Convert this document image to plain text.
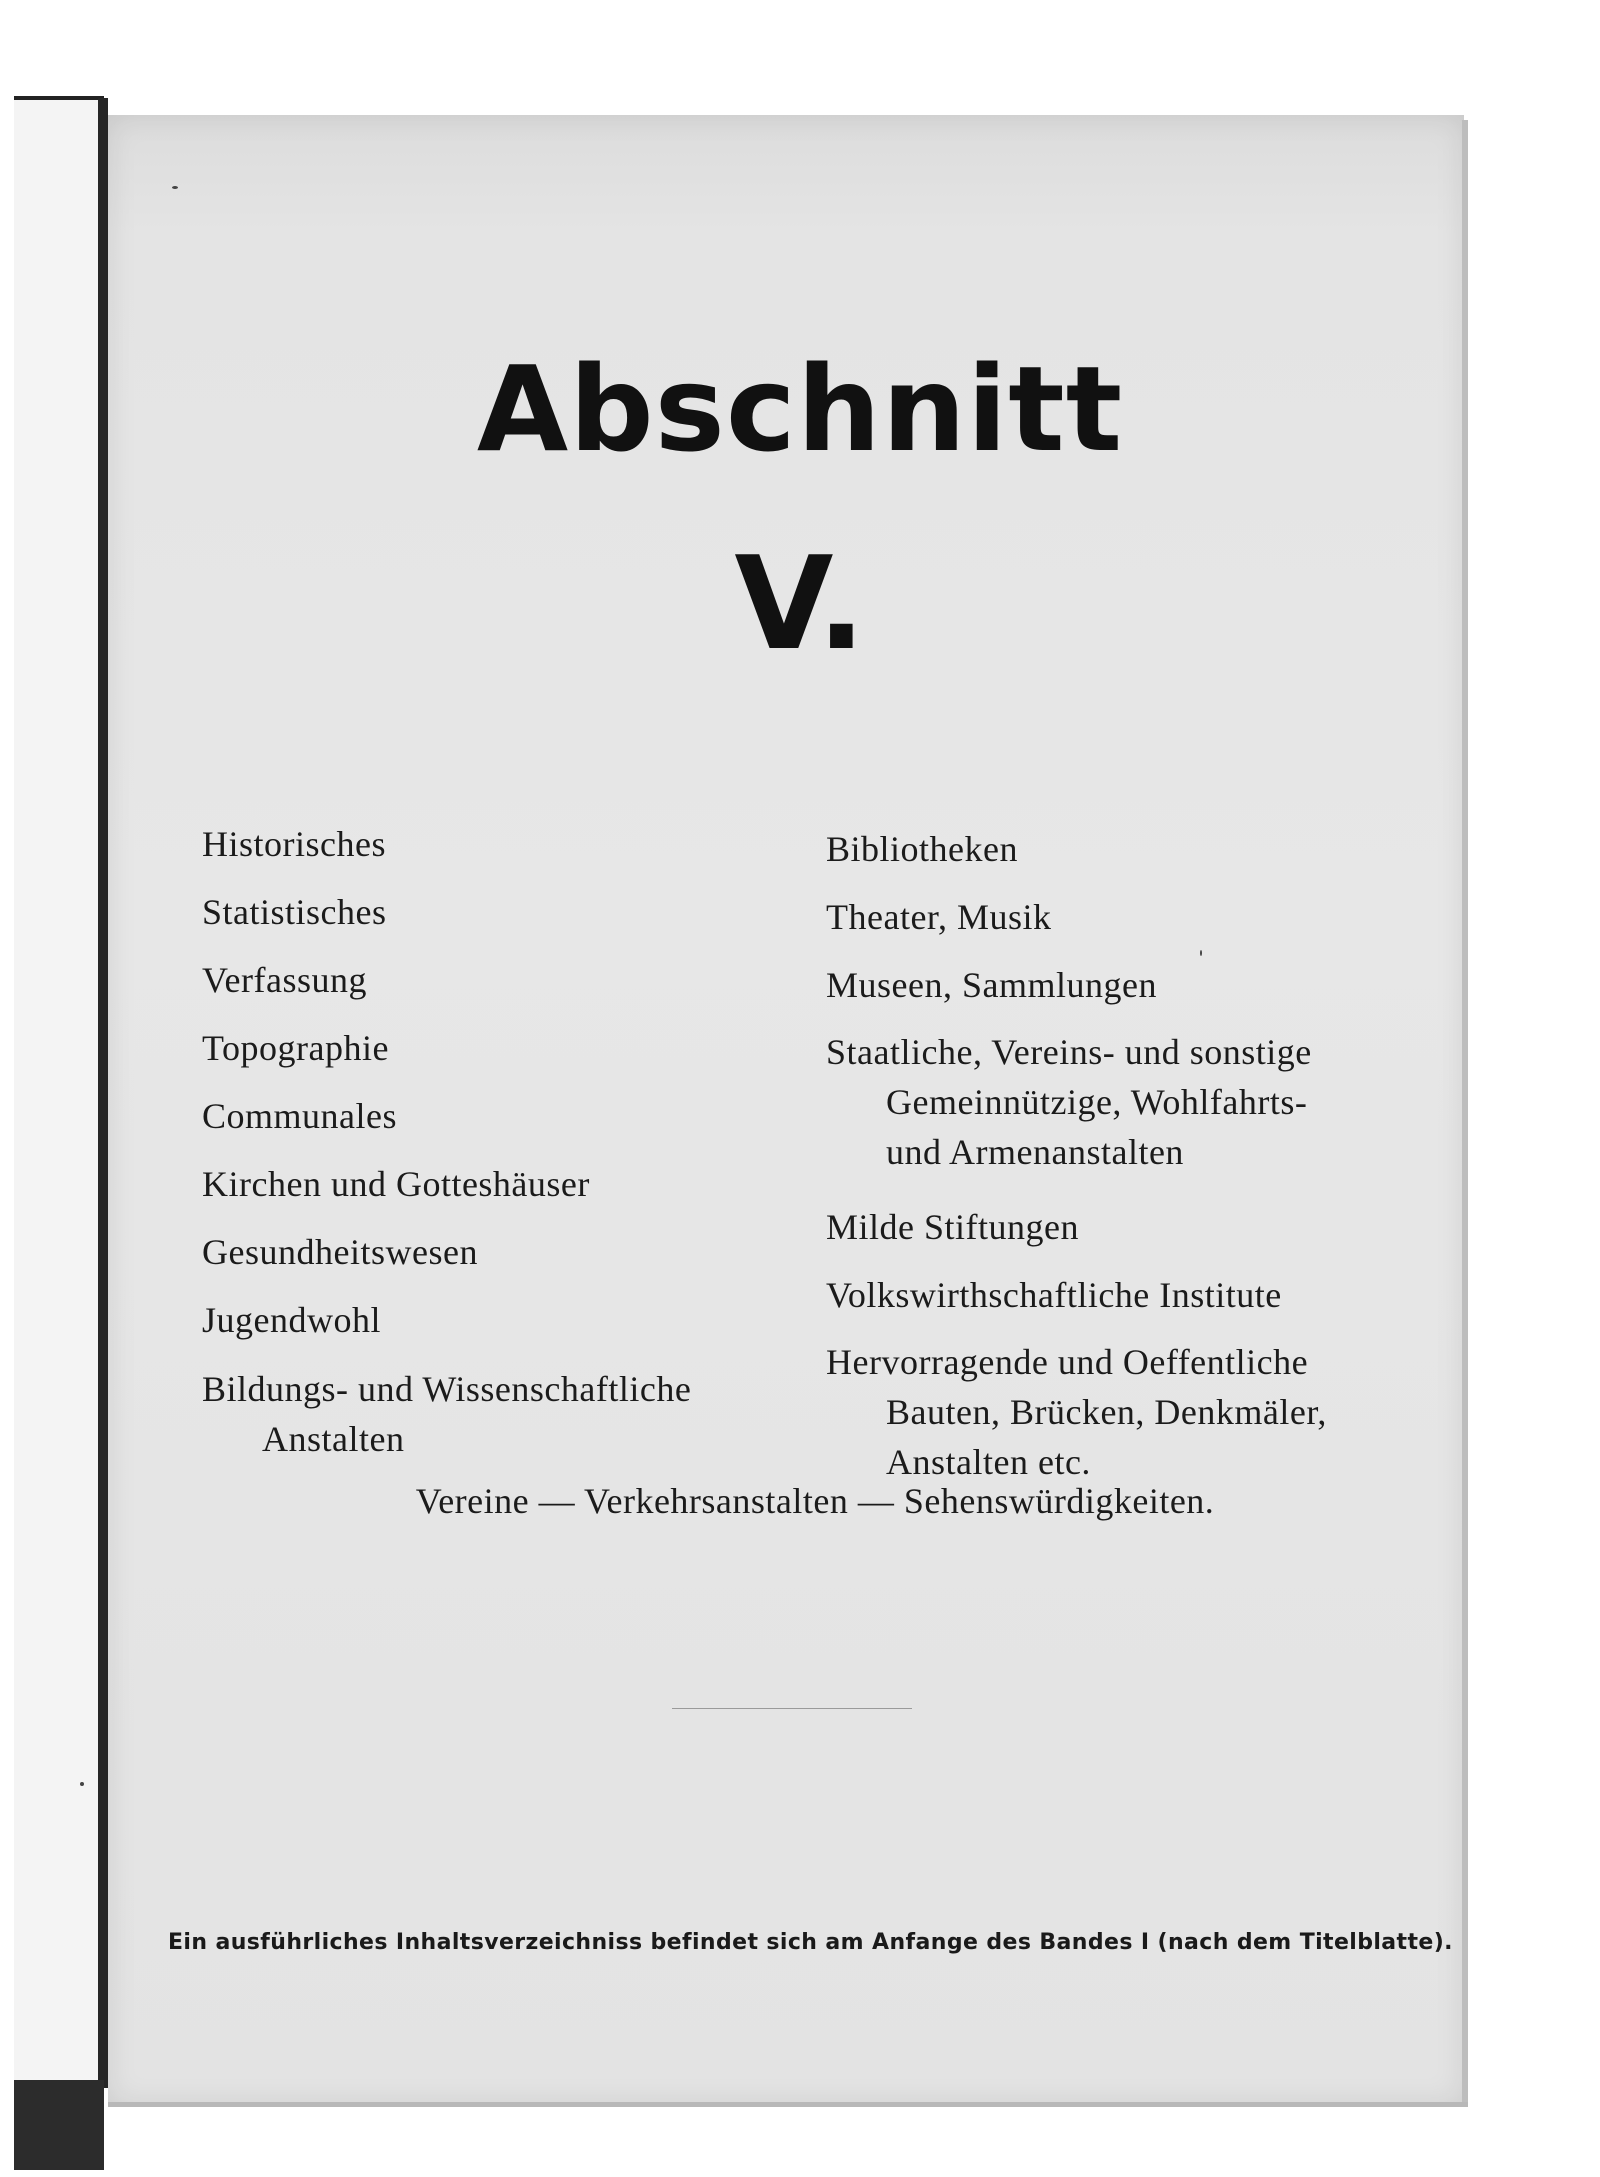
Abschnitt
V.
Historisches
Statistisches
Verfassung
Topographie
Communales
Kirchen und Gotteshäuser
Gesundheitswesen
Jugendwohl
Bildungs- und Wissenschaftliche
Anstalten
Bibliotheken
Theater, Musik
Museen, Sammlungen
Staatliche, Vereins- und sonstige
Gemeinnützige, Wohlfahrts-
und Armenanstalten
Milde Stiftungen
Volkswirthschaftliche Institute
Hervorragende und Oeffentliche
Bauten, Brücken, Denkmäler,
Anstalten etc.
Vereine — Verkehrsanstalten — Sehenswürdigkeiten.
Ein ausführliches Inhaltsverzeichniss befindet sich am Anfange des Bandes I (nach dem Titelblatte).
